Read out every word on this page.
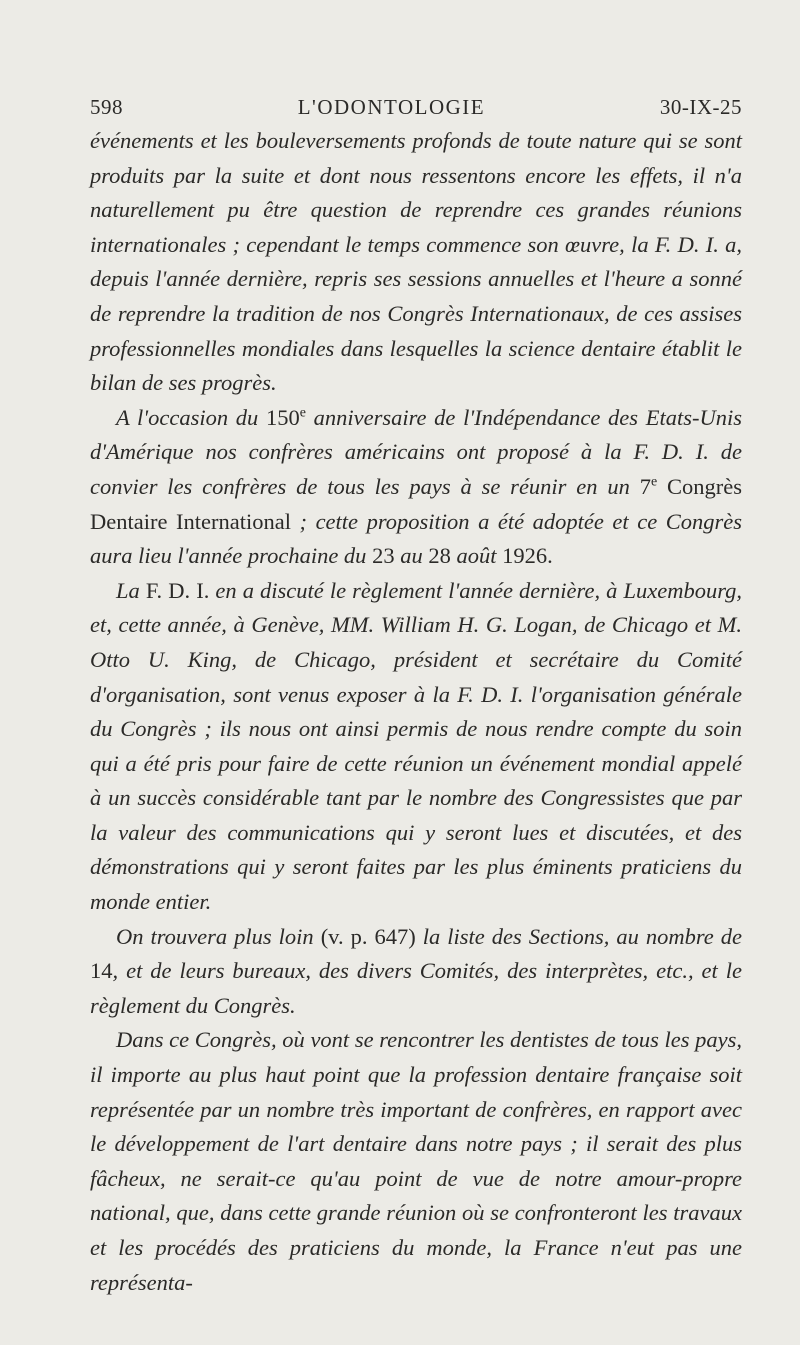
598	L'ODONTOLOGIE	30-IX-25

événements et les bouleversements profonds de toute nature qui se sont produits par la suite et dont nous ressentons encore les effets, il n'a naturellement pu être question de reprendre ces grandes réunions internationales ; cependant le temps commence son œuvre, la F. D. I. a, depuis l'année dernière, repris ses sessions annuelles et l'heure a sonné de reprendre la tradition de nos Congrès Internationaux, de ces assises professionnelles mondiales dans lesquelles la science dentaire établit le bilan de ses progrès.

A l'occasion du 150e anniversaire de l'Indépendance des Etats-Unis d'Amérique nos confrères américains ont proposé à la F. D. I. de convier les confrères de tous les pays à se réunir en un 7e Congrès Dentaire International ; cette proposition a été adoptée et ce Congrès aura lieu l'année prochaine du 23 au 28 août 1926.

La F. D. I. en a discuté le règlement l'année dernière, à Luxembourg, et, cette année, à Genève, MM. William H. G. Logan, de Chicago et M. Otto U. King, de Chicago, président et secrétaire du Comité d'organisation, sont venus exposer à la F. D. I. l'organisation générale du Congrès ; ils nous ont ainsi permis de nous rendre compte du soin qui a été pris pour faire de cette réunion un événement mondial appelé à un succès considérable tant par le nombre des Congressistes que par la valeur des communications qui y seront lues et discutées, et des démonstrations qui y seront faites par les plus éminents praticiens du monde entier.

On trouvera plus loin (v. p. 647) la liste des Sections, au nombre de 14, et de leurs bureaux, des divers Comités, des interprètes, etc., et le règlement du Congrès.

Dans ce Congrès, où vont se rencontrer les dentistes de tous les pays, il importe au plus haut point que la profession dentaire française soit représentée par un nombre très important de confrères, en rapport avec le développement de l'art dentaire dans notre pays ; il serait des plus fâcheux, ne serait-ce qu'au point de vue de notre amour-propre national, que, dans cette grande réunion où se confronteront les travaux et les procédés des praticiens du monde, la France n'eut pas une représenta-
